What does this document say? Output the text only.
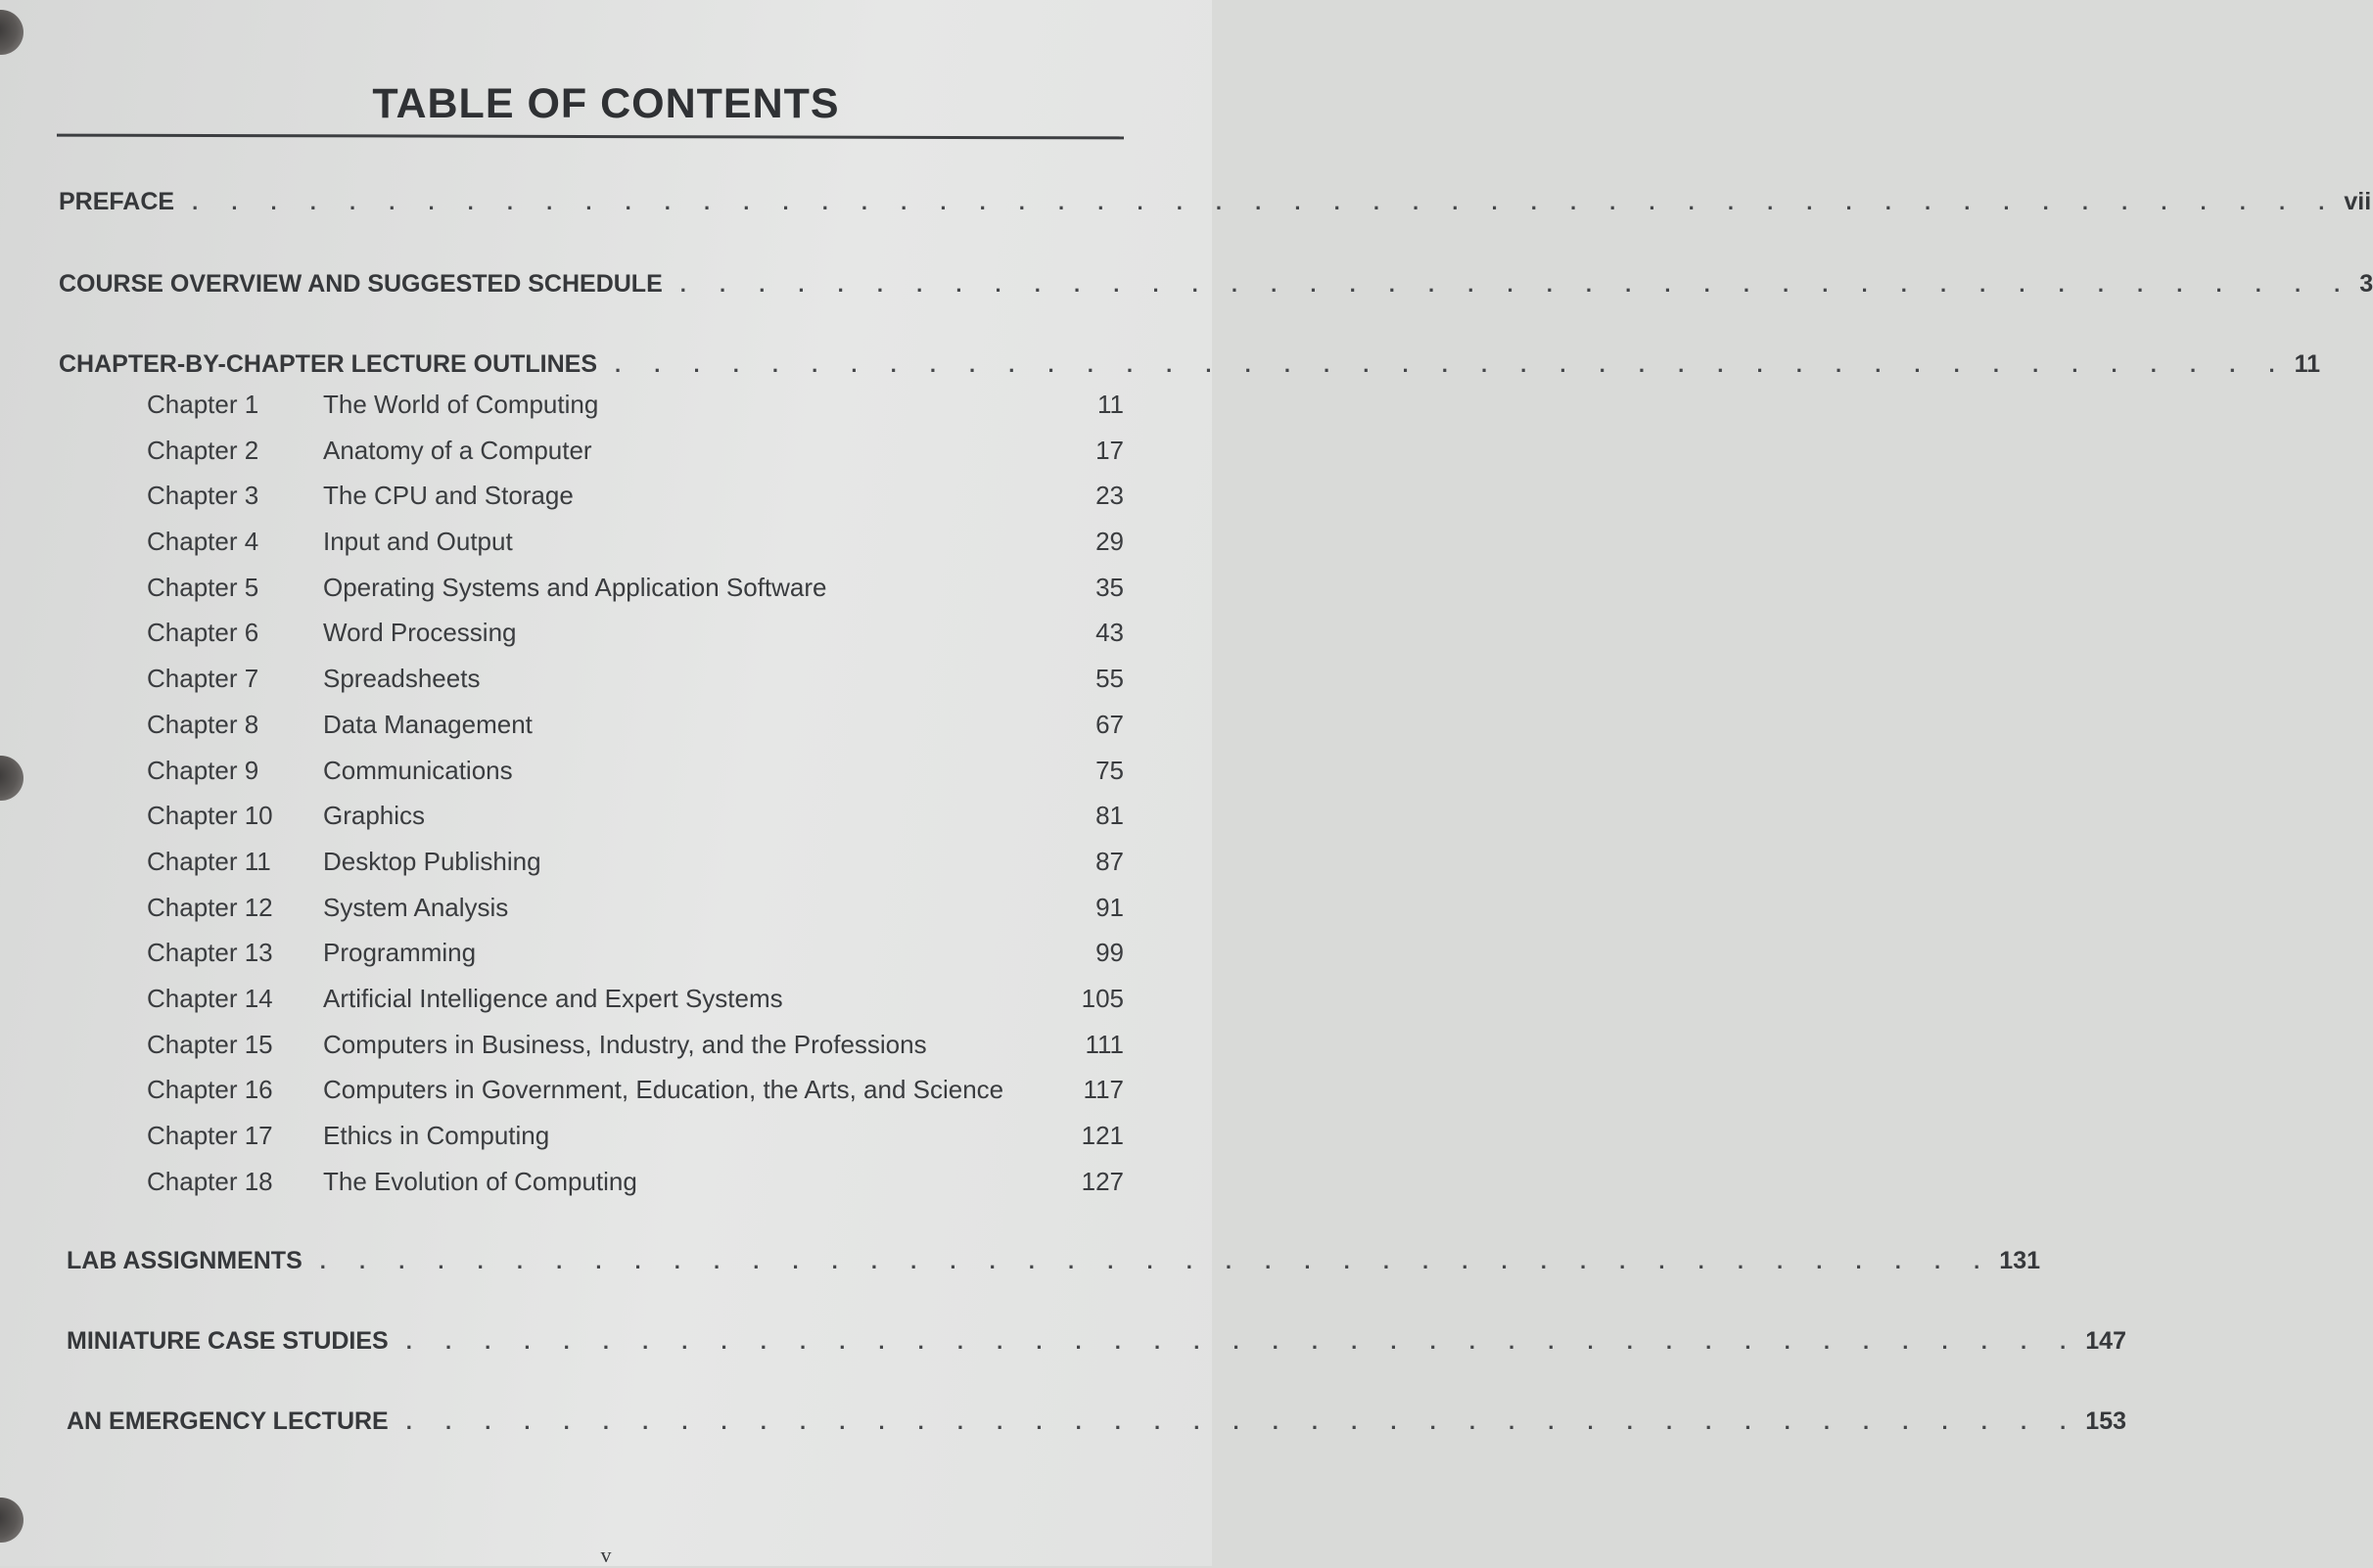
TABLE OF CONTENTS
PREFACE . . . . . . . . . . . . . . . . . . . . . . . . . . . . . . . . . . . . . . . . . . . . . . . . . . . . . . . vii
COURSE OVERVIEW AND SUGGESTED SCHEDULE . . . . . . . . . . . . . . . . . . . . . . . . . . . . . . . . . . . . . . . . . . . 3
CHAPTER-BY-CHAPTER LECTURE OUTLINES . . . . . . . . . . . . . . . . . . . . . . . . . . . . . . . . . . . . . . . . . . . 11
Chapter 1	The World of Computing	11
Chapter 2	Anatomy of a Computer	17
Chapter 3	The CPU and Storage	23
Chapter 4	Input and Output	29
Chapter 5	Operating Systems and Application Software	35
Chapter 6	Word Processing	43
Chapter 7	Spreadsheets	55
Chapter 8	Data Management	67
Chapter 9	Communications	75
Chapter 10	Graphics	81
Chapter 11	Desktop Publishing	87
Chapter 12	System Analysis	91
Chapter 13	Programming	99
Chapter 14	Artificial Intelligence and Expert Systems	105
Chapter 15	Computers in Business, Industry, and the Professions	111
Chapter 16	Computers in Government, Education, the Arts, and Science	117
Chapter 17	Ethics in Computing	121
Chapter 18	The Evolution of Computing	127
LAB ASSIGNMENTS . . . . . . . . . . . . . . . . . . . . . . . . . . . . . . . . . . . . . . . . . . . 131
MINIATURE CASE STUDIES . . . . . . . . . . . . . . . . . . . . . . . . . . . . . . . . . . . . . . . . . . . 147
AN EMERGENCY LECTURE . . . . . . . . . . . . . . . . . . . . . . . . . . . . . . . . . . . . . . . . . . . 153
v
